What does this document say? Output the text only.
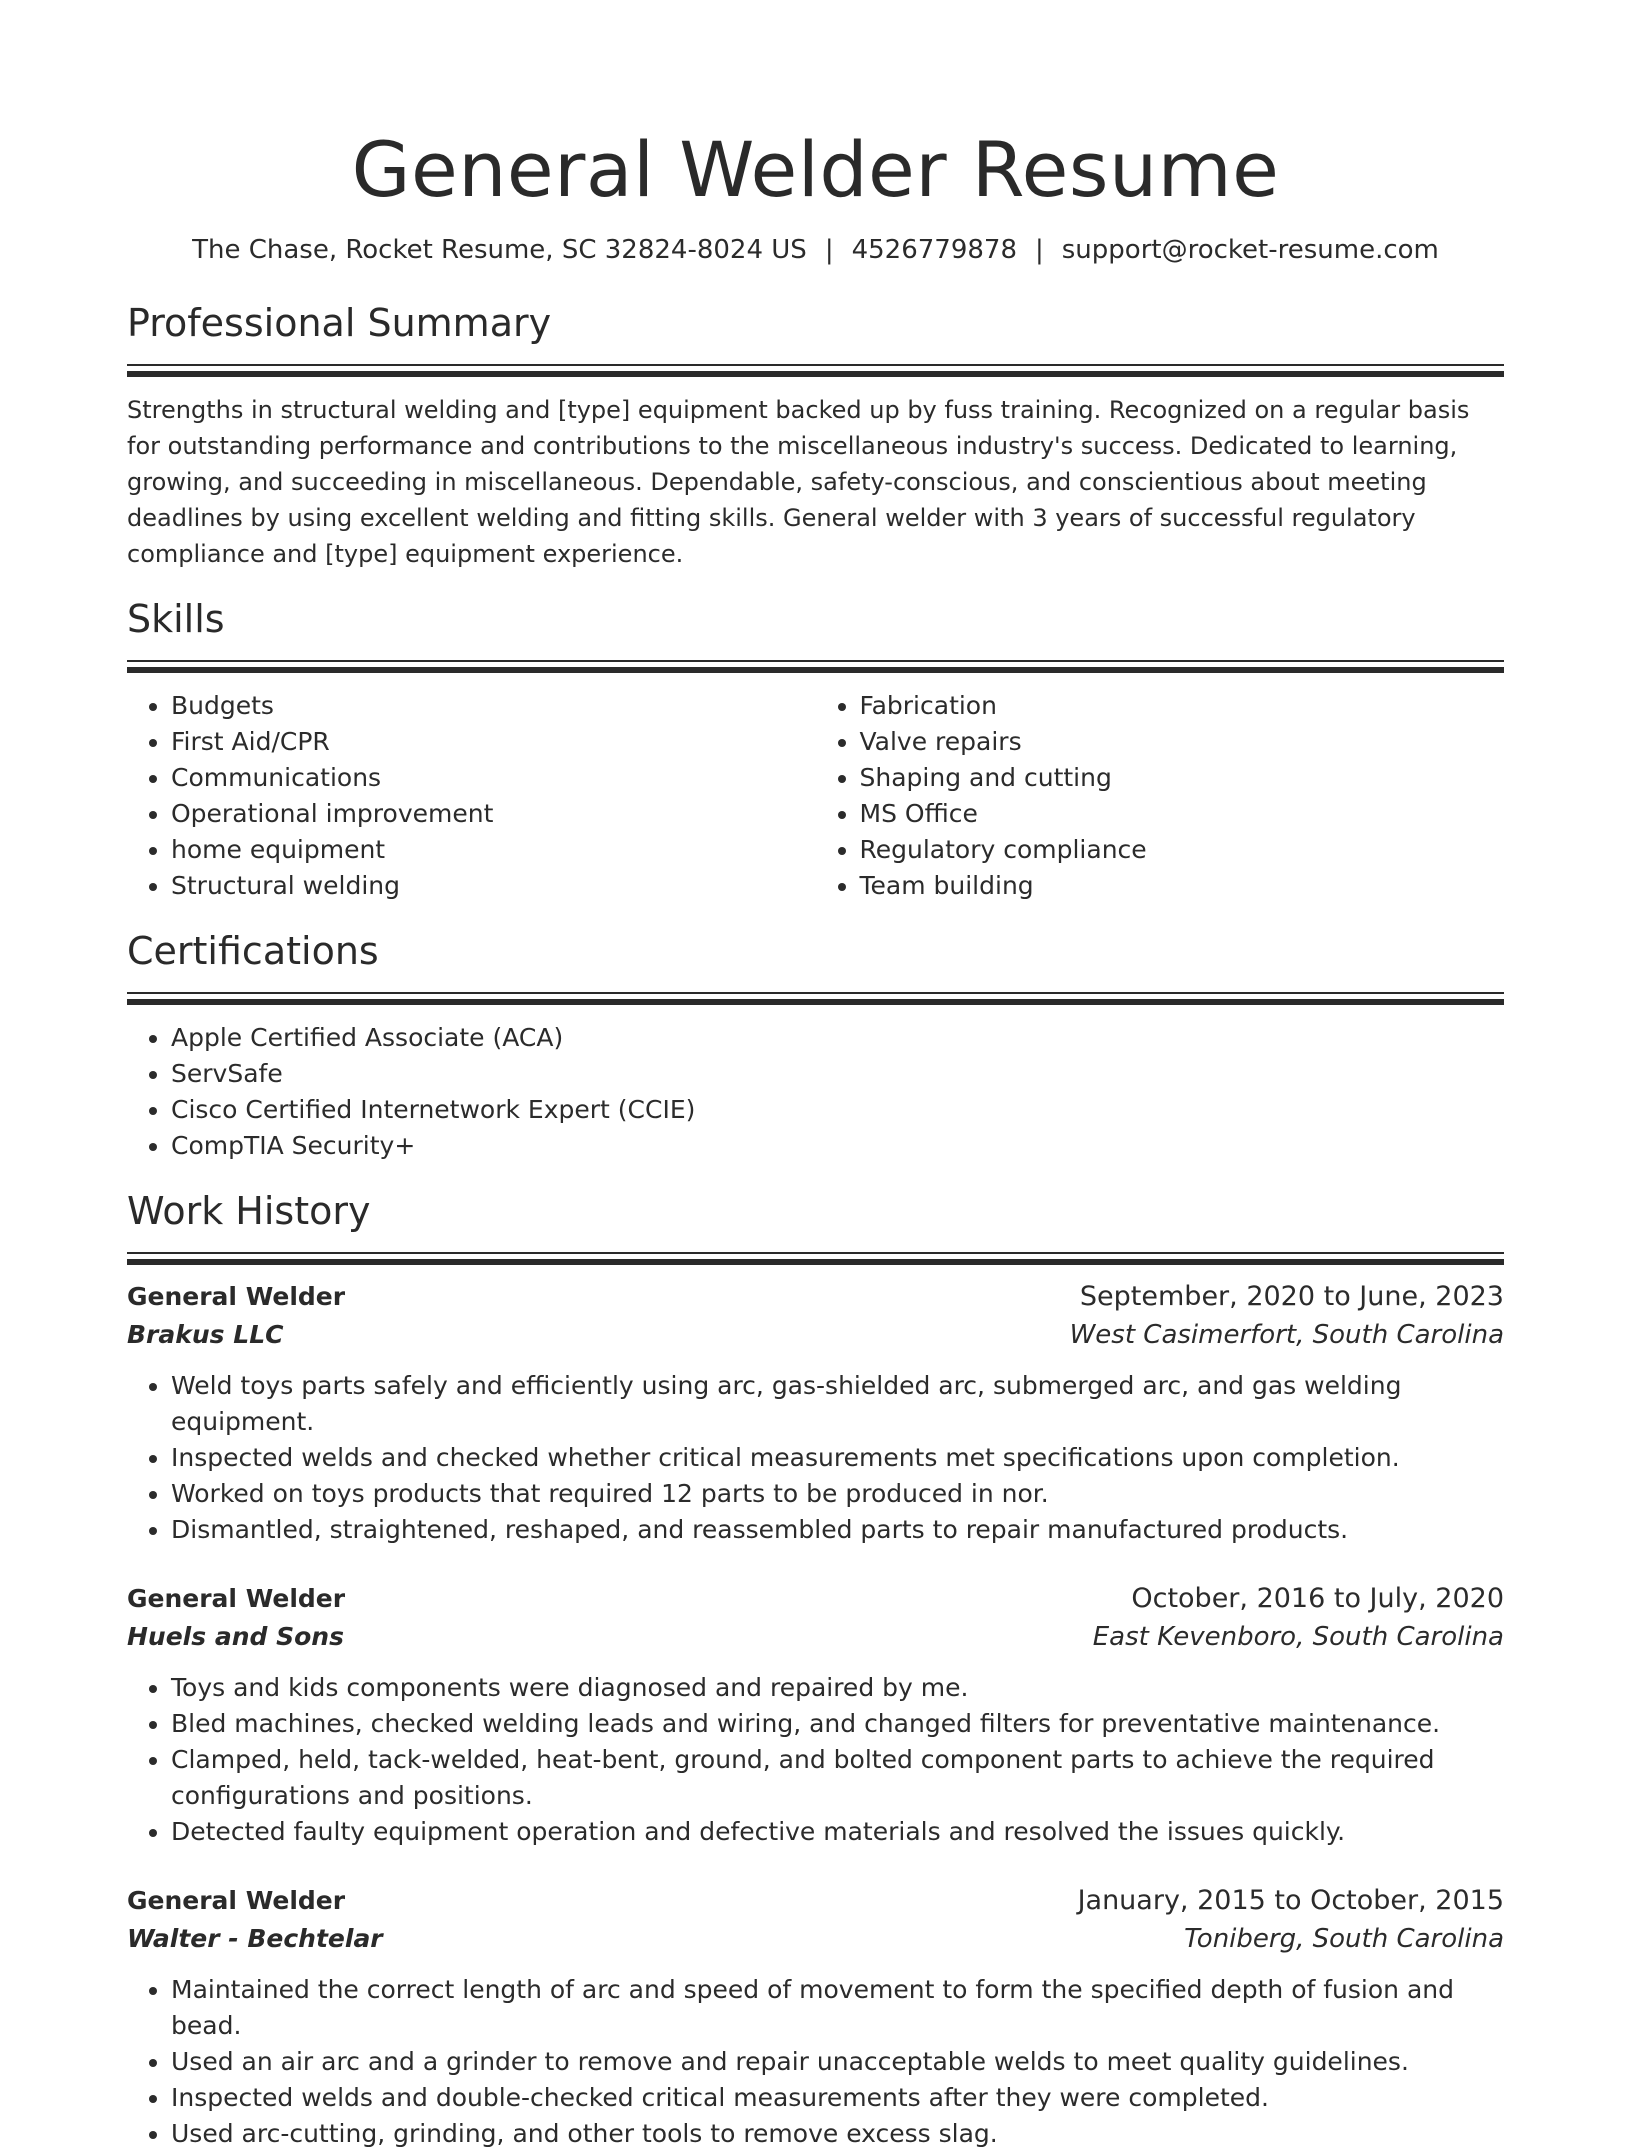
General Welder Resume
The Chase, Rocket Resume, SC 32824-8024 US | 4526779878 | support@rocket-resume.com
Professional Summary

Strengths in structural welding and [type] equipment backed up by fuss training. Recognized on a regular basis for outstanding performance and contributions to the miscellaneous industry's success. Dedicated to learning, growing, and succeeding in miscellaneous. Dependable, safety-conscious, and conscientious about meeting deadlines by using excellent welding and fitting skills. General welder with 3 years of successful regulatory compliance and [type] equipment experience.

Skills
• Budgets
• First Aid/CPR
• Communications
• Operational improvement
• home equipment
• Structural welding
• Fabrication
• Valve repairs
• Shaping and cutting
• MS Office
• Regulatory compliance
• Team building
Certifications
• Apple Certified Associate (ACA)
• ServSafe
• Cisco Certified Internetwork Expert (CCIE)
• CompTIA Security+
Work History
General Welder	September, 2020 to June, 2023
Brakus LLC	West Casimerfort, South Carolina
• Weld toys parts safely and efficiently using arc, gas-shielded arc, submerged arc, and gas welding equipment.
• Inspected welds and checked whether critical measurements met specifications upon completion.
• Worked on toys products that required 12 parts to be produced in nor.
• Dismantled, straightened, reshaped, and reassembled parts to repair manufactured products.
General Welder	October, 2016 to July, 2020
Huels and Sons	East Kevenboro, South Carolina
• Toys and kids components were diagnosed and repaired by me.
• Bled machines, checked welding leads and wiring, and changed filters for preventative maintenance.
• Clamped, held, tack-welded, heat-bent, ground, and bolted component parts to achieve the required configurations and positions.
• Detected faulty equipment operation and defective materials and resolved the issues quickly.
General Welder	January, 2015 to October, 2015
Walter - Bechtelar	Toniberg, South Carolina
• Maintained the correct length of arc and speed of movement to form the specified depth of fusion and bead.
• Used an air arc and a grinder to remove and repair unacceptable welds to meet quality guidelines.
• Inspected welds and double-checked critical measurements after they were completed.
• Used arc-cutting, grinding, and other tools to remove excess slag.
